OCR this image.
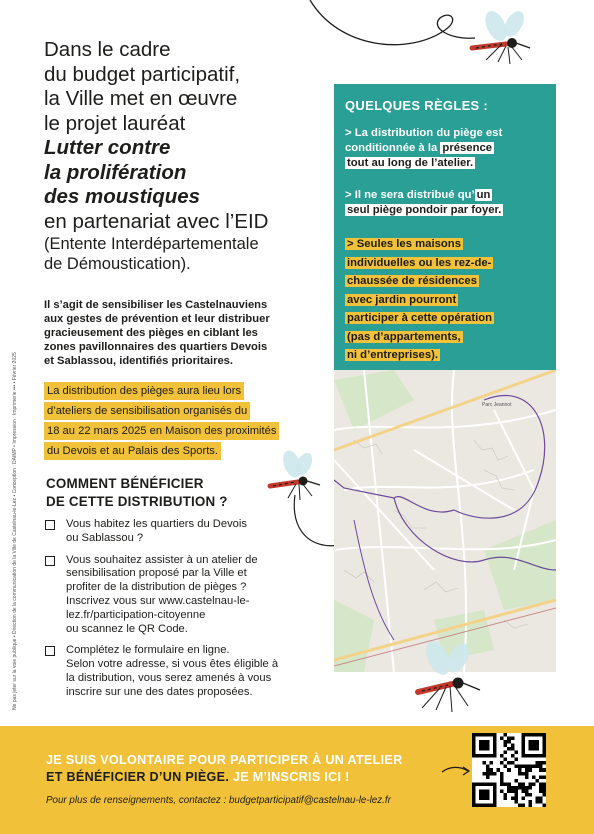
Dans le cadre
du budget participatif,
la Ville met en œuvre
le projet lauréat
Lutter contre
la prolifération
des moustiques
en partenariat avec l’EID
(Entente Interdépartementale
de Démoustication).
Il s’agit de sensibiliser les Castelnauviens
aux gestes de prévention et leur distribuer
gracieusement des pièges en ciblant les
zones pavillonnaires des quartiers Devois
et Sablassou, identifiés prioritaires.
La distribution des pièges aura lieu lors
d’ateliers de sensibilisation organisés du
18 au 22 mars 2025 en Maison des proximités
du Devois et au Palais des Sports.
COMMENT BÉNÉFICIER
DE CETTE DISTRIBUTION ?
Vous habitez les quartiers du Devois
ou Sablassou ?
Vous souhaitez assister à un atelier de
sensibilisation proposé par la Ville et
profiter de la distribution de pièges ?
Inscrivez vous sur www.castelnau-le-
lez.fr/participation-citoyenne
ou scannez le QR Code.
Complétez le formulaire en ligne.
Selon votre adresse, si vous êtes éligible à
la distribution, vous serez amenés à vous
inscrire sur une des dates proposées.
QUELQUES RÈGLES :
> La distribution du piège est
conditionnée à la présence
tout au long de l’atelier.
> Il ne sera distribué qu’ un
seul piège pondoir par foyer.
> Seules les maisons
individuelles ou les rez-de-
chaussée de résidences
avec jardin pourront
participer à cette opération
(pas d’appartements,
ni d’entreprises).
Parc Jeannot
Ne pas jeter sur la voie publique • Direction de la communication de la Ville de Castelnau-le-Lez • Conception : DAIMP • Impression : Imprimerie ••• • Février 2025
JE SUIS VOLONTAIRE POUR PARTICIPER À UN ATELIER
ET BÉNÉFICIER D’UN PIÈGE. JE M’INSCRIS ICI !
Pour plus de renseignements, contactez : budgetparticipatif@castelnau-le-lez.fr
